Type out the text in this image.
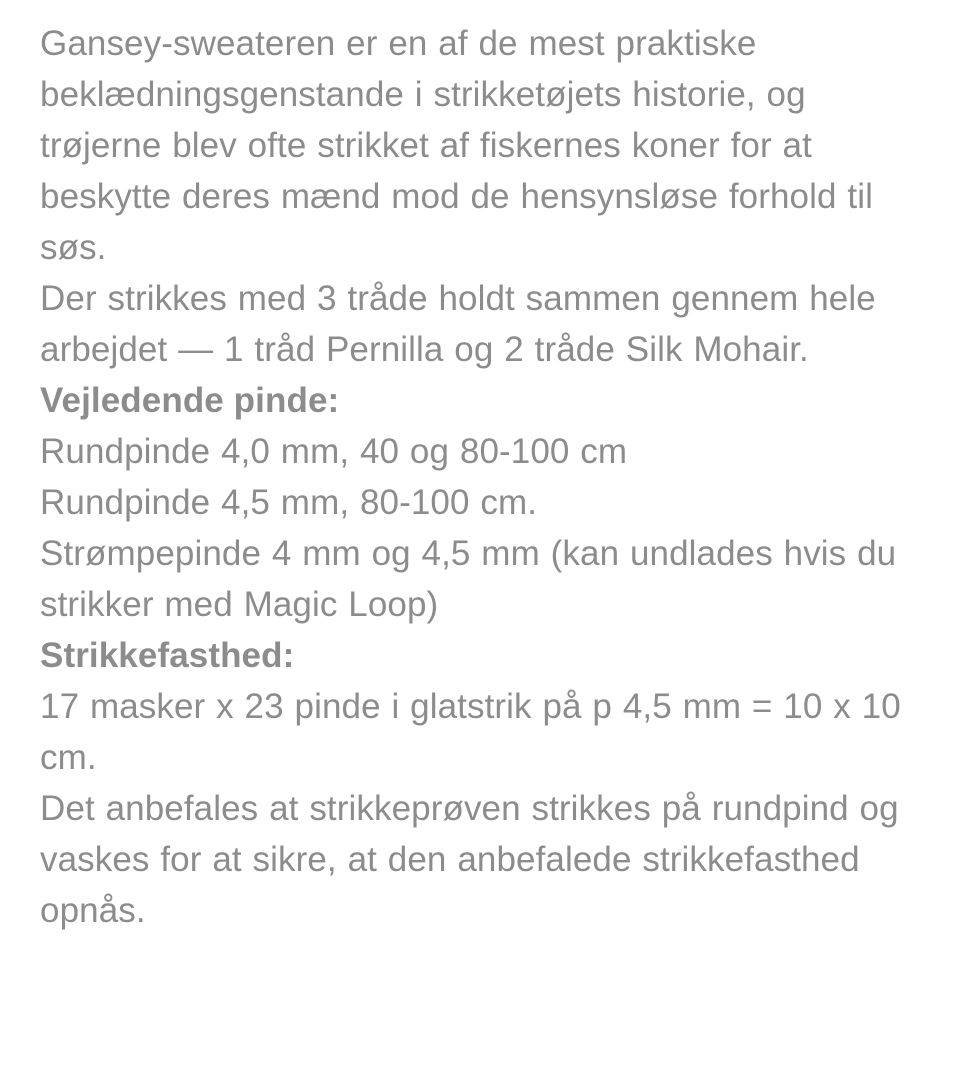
Gansey-sweateren er en af de mest praktiske beklædningsgenstande i strikketøjets historie, og trøjerne blev ofte strikket af fiskernes koner for at beskytte deres mænd mod de hensynsløse forhold til søs.

Der strikkes med 3 tråde holdt sammen gennem hele arbejdet — 1 tråd Pernilla og 2 tråde Silk Mohair.

Vejledende pinde:

Rundpinde 4,0 mm, 40 og 80-100 cm

Rundpinde 4,5 mm, 80-100 cm.

Strømpepinde 4 mm og 4,5 mm (kan undlades hvis du strikker med Magic Loop)

Strikkefasthed:

17 masker x 23 pinde i glatstrik på p 4,5 mm = 10 x 10 cm.

Det anbefales at strikkeprøven strikkes på rundpind og vaskes for at sikre, at den anbefalede strikkefasthed opnås.
